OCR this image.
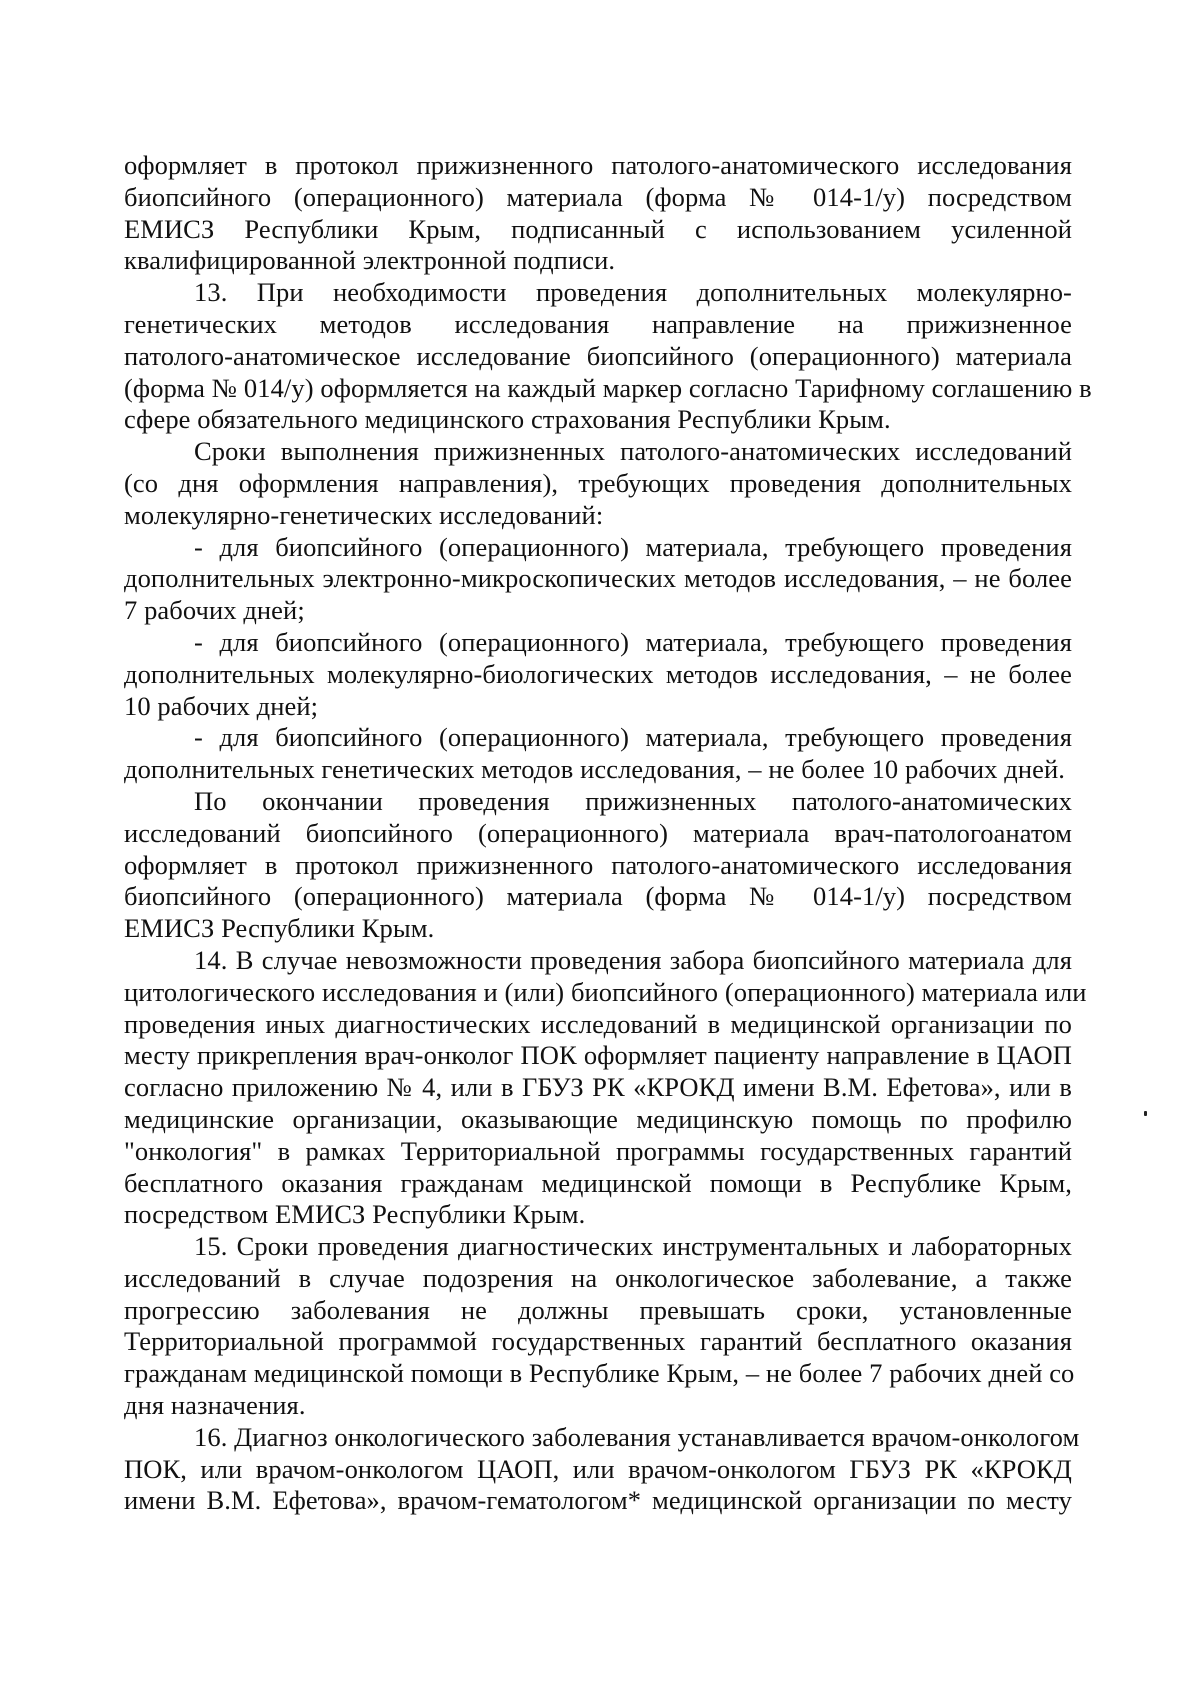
оформляет в протокол прижизненного патолого-анатомического исследования
биопсийного (операционного) материала (форма № 014-1/у) посредством
ЕМИСЗ Республики Крым, подписанный с использованием усиленной
квалифицированной электронной подписи.
13. При необходимости проведения дополнительных молекулярно-
генетических методов исследования направление на прижизненное
патолого-анатомическое исследование биопсийного (операционного) материала
(форма № 014/у) оформляется на каждый маркер согласно Тарифному соглашению в
сфере обязательного медицинского страхования Республики Крым.
Сроки выполнения прижизненных патолого-анатомических исследований
(со дня оформления направления), требующих проведения дополнительных
молекулярно-генетических исследований:
- для биопсийного (операционного) материала, требующего проведения
дополнительных электронно-микроскопических методов исследования, – не более
7 рабочих дней;
- для биопсийного (операционного) материала, требующего проведения
дополнительных молекулярно-биологических методов исследования, – не более
10 рабочих дней;
- для биопсийного (операционного) материала, требующего проведения
дополнительных генетических методов исследования, – не более 10 рабочих дней.
По окончании проведения прижизненных патолого-анатомических
исследований биопсийного (операционного) материала врач-патологоанатом
оформляет в протокол прижизненного патолого-анатомического исследования
биопсийного (операционного) материала (форма № 014-1/у) посредством
ЕМИСЗ Республики Крым.
14. В случае невозможности проведения забора биопсийного материала для
цитологического исследования и (или) биопсийного (операционного) материала или
проведения иных диагностических исследований в медицинской организации по
месту прикрепления врач-онколог ПОК оформляет пациенту направление в ЦАОП
согласно приложению № 4, или в ГБУЗ РК «КРОКД имени В.М. Ефетова», или в
медицинские организации, оказывающие медицинскую помощь по профилю
"онкология" в рамках Территориальной программы государственных гарантий
бесплатного оказания гражданам медицинской помощи в Республике Крым,
посредством ЕМИСЗ Республики Крым.
15. Сроки проведения диагностических инструментальных и лабораторных
исследований в случае подозрения на онкологическое заболевание, а также
прогрессию заболевания не должны превышать сроки, установленные
Территориальной программой государственных гарантий бесплатного оказания
гражданам медицинской помощи в Республике Крым, – не более 7 рабочих дней со
дня назначения.
16. Диагноз онкологического заболевания устанавливается врачом-онкологом
ПОК, или врачом-онкологом ЦАОП, или врачом-онкологом ГБУЗ РК «КРОКД
имени В.М. Ефетова», врачом-гематологом* медицинской организации по месту
